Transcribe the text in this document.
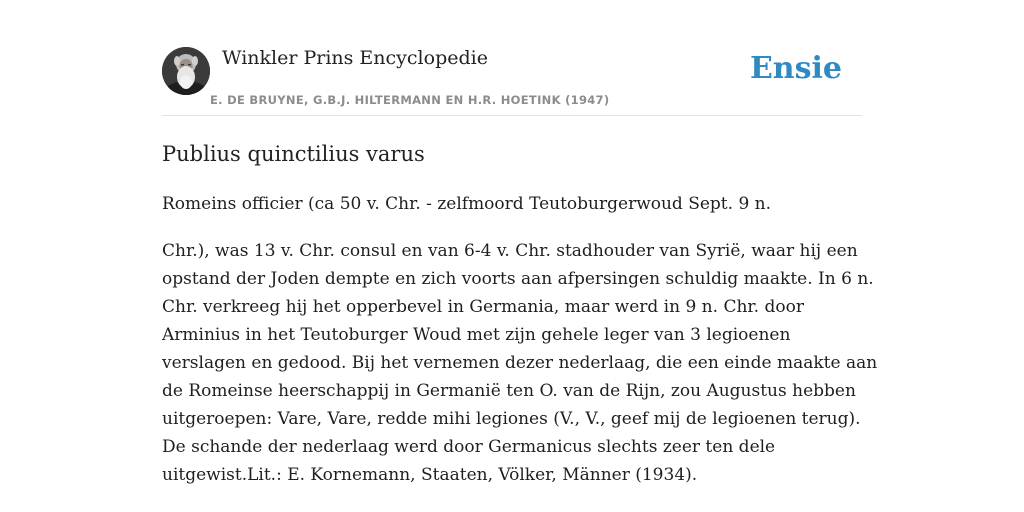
Winkler Prins Encyclopedie
E. DE BRUYNE, G.B.J. HILTERMANN EN H.R. HOETINK (1947)
Ensie
Publius quinctilius varus

Romeins officier (ca 50 v. Chr. - zelfmoord Teutoburgerwoud Sept. 9 n.

Chr.), was 13 v. Chr. consul en van 6-4 v. Chr. stadhouder van Syrië, waar hij een
opstand der Joden dempte en zich voorts aan afpersingen schuldig maakte. In 6 n.
Chr. verkreeg hij het opperbevel in Germania, maar werd in 9 n. Chr. door
Arminius in het Teutoburger Woud met zijn gehele leger van 3 legioenen
verslagen en gedood. Bij het vernemen dezer nederlaag, die een einde maakte aan
de Romeinse heerschappij in Germanië ten O. van de Rijn, zou Augustus hebben
uitgeroepen: Vare, Vare, redde mihi legiones (V., V., geef mij de legioenen terug).
De schande der nederlaag werd door Germanicus slechts zeer ten dele
uitgewist.Lit.: E. Kornemann, Staaten, Völker, Männer (1934).
